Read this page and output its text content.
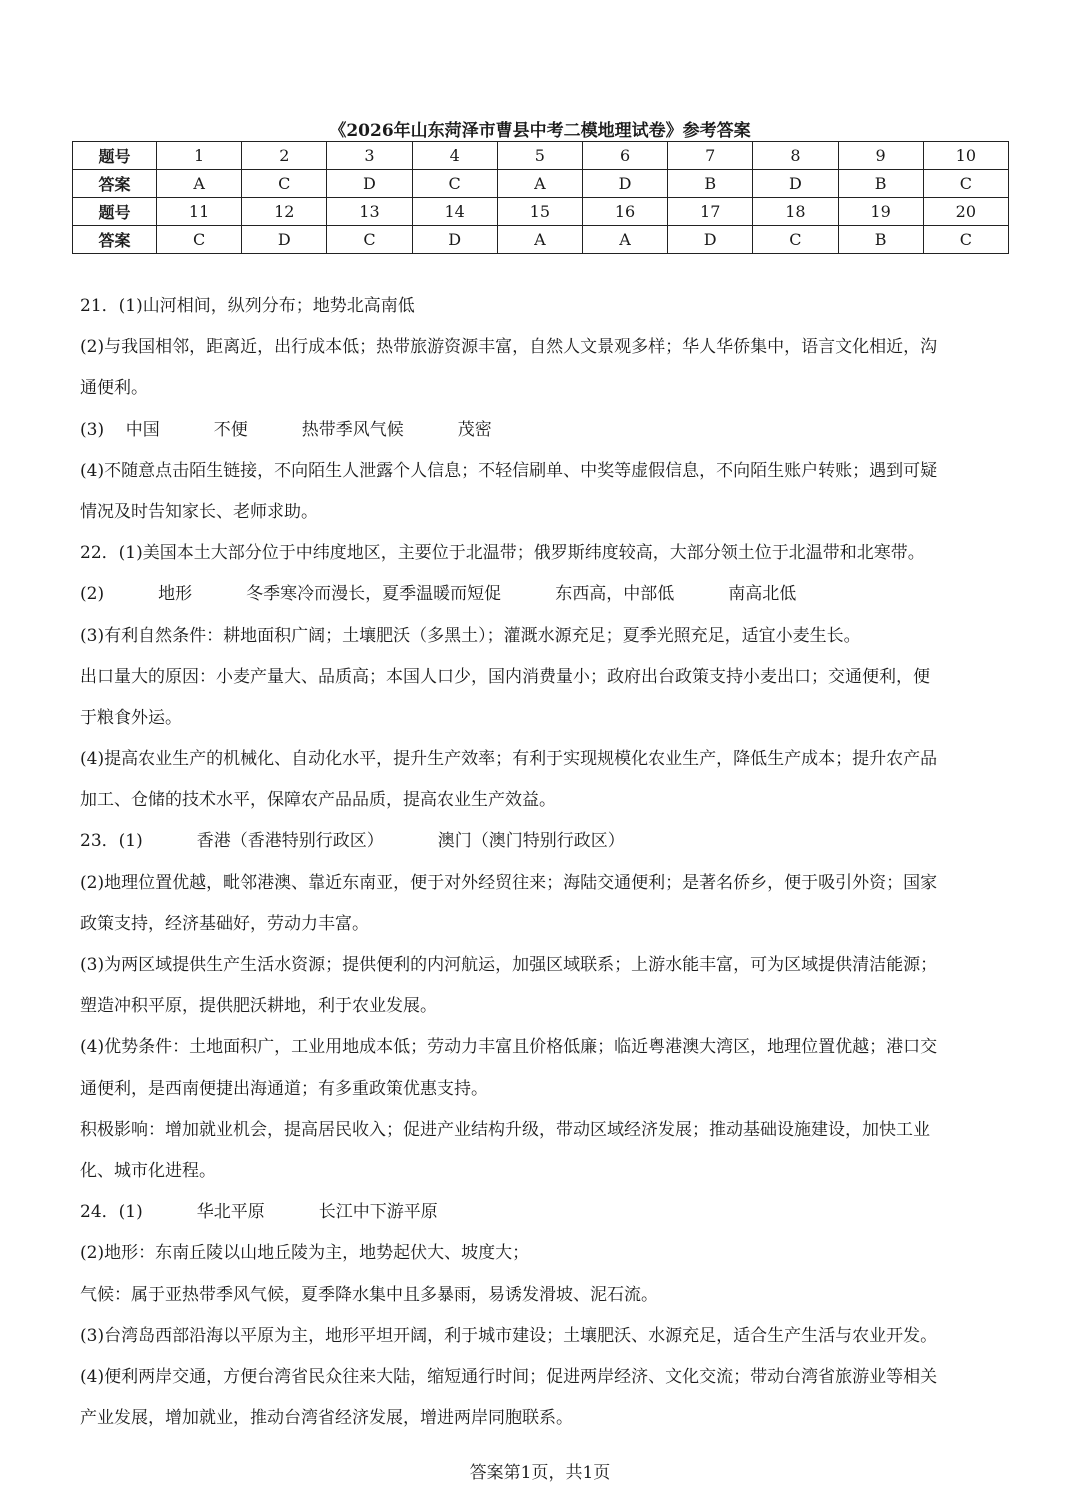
《2026年山东菏泽市曹县中考二模地理试卷》参考答案
题号	1	2	3	4	5	6	7	8	9	10
答案	A	C	D	C	A	D	B	D	B	C
题号	11	12	13	14	15	16	17	18	19	20
答案	C	D	C	D	A	A	D	C	B	C
21．(1)山河相间，纵列分布；地势北高南低
(2)与我国相邻，距离近，出行成本低；热带旅游资源丰富，自然人文景观多样；华人华侨集中，语言文化相近，沟
通便利。
(3)    中国          不便          热带季风气候          茂密
(4)不随意点击陌生链接，不向陌生人泄露个人信息；不轻信刷单、中奖等虚假信息，不向陌生账户转账；遇到可疑
情况及时告知家长、老师求助。
22．(1)美国本土大部分位于中纬度地区，主要位于北温带；俄罗斯纬度较高，大部分领土位于北温带和北寒带。
(2)          地形          冬季寒冷而漫长，夏季温暖而短促          东西高，中部低          南高北低
(3)有利自然条件：耕地面积广阔；土壤肥沃（多黑土）；灌溉水源充足；夏季光照充足，适宜小麦生长。
出口量大的原因：小麦产量大、品质高；本国人口少，国内消费量小；政府出台政策支持小麦出口；交通便利，便
于粮食外运。
(4)提高农业生产的机械化、自动化水平，提升生产效率；有利于实现规模化农业生产，降低生产成本；提升农产品
加工、仓储的技术水平，保障农产品品质，提高农业生产效益。
23．(1)          香港（香港特别行政区）          澳门（澳门特别行政区）
(2)地理位置优越，毗邻港澳、靠近东南亚，便于对外经贸往来；海陆交通便利；是著名侨乡，便于吸引外资；国家
政策支持，经济基础好，劳动力丰富。
(3)为两区域提供生产生活水资源；提供便利的内河航运，加强区域联系；上游水能丰富，可为区域提供清洁能源；
塑造冲积平原，提供肥沃耕地，利于农业发展。
(4)优势条件：土地面积广，工业用地成本低；劳动力丰富且价格低廉；临近粤港澳大湾区，地理位置优越；港口交
通便利，是西南便捷出海通道；有多重政策优惠支持。
积极影响：增加就业机会，提高居民收入；促进产业结构升级，带动区域经济发展；推动基础设施建设，加快工业
化、城市化进程。
24．(1)          华北平原          长江中下游平原
(2)地形：东南丘陵以山地丘陵为主，地势起伏大、坡度大；
气候：属于亚热带季风气候，夏季降水集中且多暴雨，易诱发滑坡、泥石流。
(3)台湾岛西部沿海以平原为主，地形平坦开阔，利于城市建设；土壤肥沃、水源充足，适合生产生活与农业开发。
(4)便利两岸交通，方便台湾省民众往来大陆，缩短通行时间；促进两岸经济、文化交流；带动台湾省旅游业等相关
产业发展，增加就业，推动台湾省经济发展，增进两岸同胞联系。
答案第1页，共1页
